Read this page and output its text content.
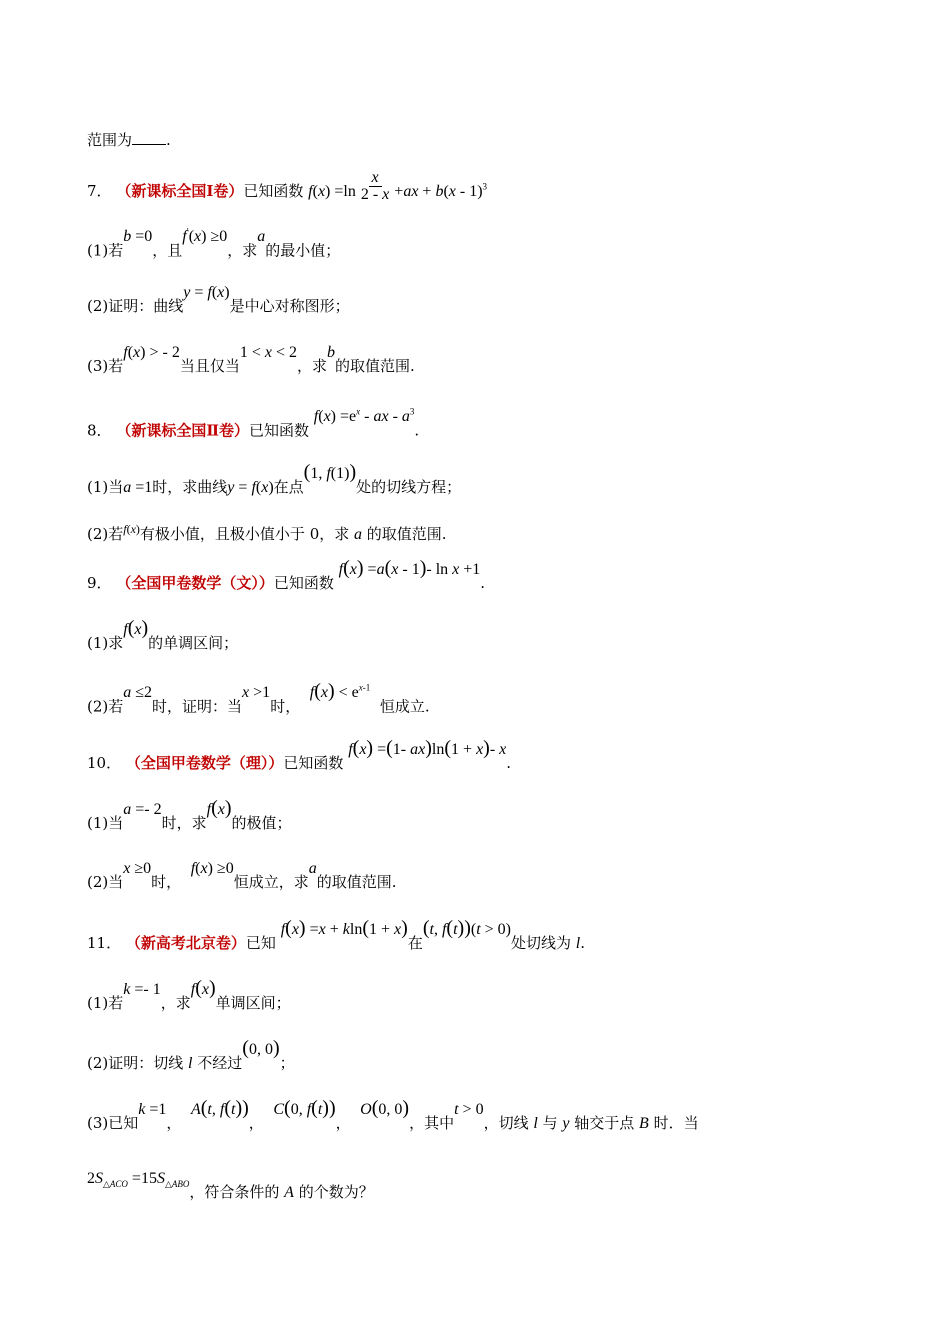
范围为 .
7． （新课标全国Ⅰ卷）已知函数 $f(x) =\ln \frac{x}{2 - x} +ax + b(x - 1)^3$
(1)若b =0，且f′(x) ≥0，求a的最小值；
(2)证明：曲线y = f(x)是中心对称图形；
(3)若f(x) > - 2当且仅当1 < x < 2，求b的取值范围.
8． （新课标全国Ⅱ卷）已知函数 $f(x) =e^x$ - ax - $a^3$.
(1)当a =1时，求曲线y = f(x)在点(1, f(1))处的切线方程；
(2)若$^{f(x)}$有极小值，且极小值小于 0，求 a 的取值范围.
9． （全国甲卷数学（文））已知函数 f(x) =a(x - 1)- ln x +1.
(1)求f(x)的单调区间；
(2)若a ≤2时，证明：当x >1时，  $f(x) < e^{x-1}$  恒成立.
10． （全国甲卷数学（理））已知函数 f(x) =(1- ax)ln(1 + x)- x.
(1)当a =- 2时，求f(x)的极值；
(2)当x ≥0时，  f(x) ≥0恒成立，求a的取值范围.
11． （新高考北京卷）已知 f(x) =x + kln(1 + x)在(t, f(t))(t > 0)处切线为 l.
(1)若k =- 1，求f(x)单调区间；
(2)证明：切线 l 不经过(0, 0)；
(3)已知k =1，  A(t, f(t))，  C(0, f(t))，  O(0, 0)，其中t > 0，切线 l 与 y 轴交于点 B 时．当
$2S_{\triangle ACO} =15S_{\triangle ABO}$，符合条件的 A 的个数为？
